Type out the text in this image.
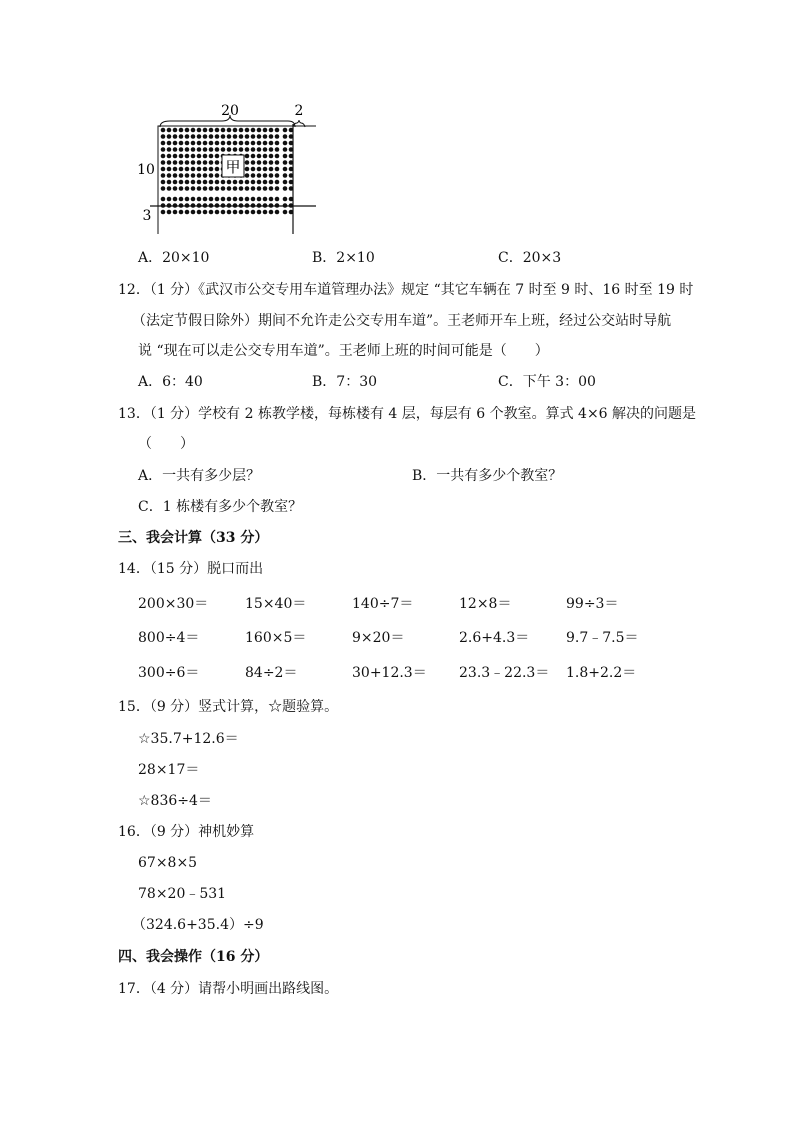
20	2
10
3
甲
A．20×10	B．2×10	C．20×3
12．（1 分）《武汉市公交专用车道管理办法》规定 “其它车辆在 7 时至 9 时、16 时至 19 时
（法定节假日除外）期间不允许走公交专用车道”。王老师开车上班，经过公交站时导航
说 “现在可以走公交专用车道”。王老师上班的时间可能是（　　）
A．6：40	B．7：30	C．下午 3：00
13．（1 分）学校有 2 栋教学楼，每栋楼有 4 层，每层有 6 个教室。算式 4×6 解决的问题是
（　　）
A．一共有多少层？	B．一共有多少个教室？
C．1 栋楼有多少个教室？
三、我会计算（33 分）
14．（15 分）脱口而出
200×30＝	15×40＝	140÷7＝	12×8＝	99÷3＝
800÷4＝	160×5＝	9×20＝	2.6+4.3＝	9.7﹣7.5＝
300÷6＝	84÷2＝	30+12.3＝ 23.3﹣22.3＝ 1.8+2.2＝
15．（9 分）竖式计算，☆题验算。
☆35.7+12.6＝
28×17＝
☆836÷4＝
16．（9 分）神机妙算
67×8×5
78×20﹣531
（324.6+35.4）÷9
四、我会操作（16 分）
17．（4 分）请帮小明画出路线图。
